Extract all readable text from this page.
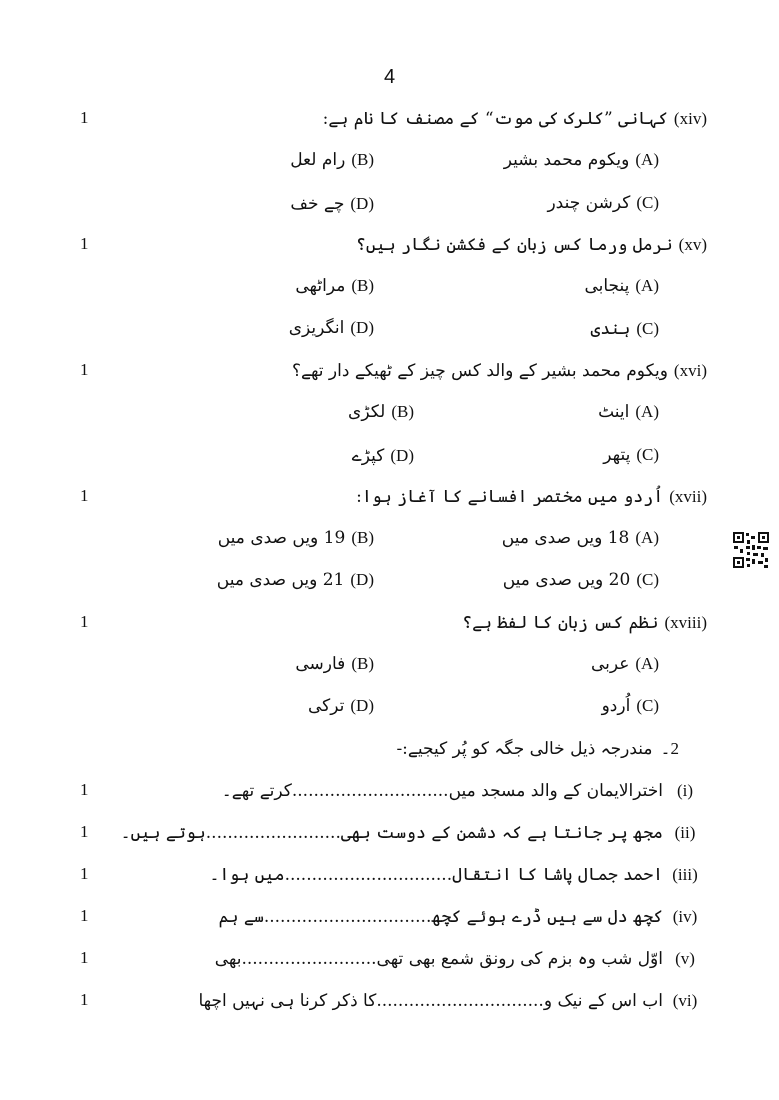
4
1	(xiv)کہانی ”کلرک کی موت“ کے مصنف کا نام ہے:
(A)ویکوم محمد بشیر
(B)رام لعل
(C)کرشن چندر
(D)چے خف
1	(xv)نرمل ورما کس زبان کے فکشن نگار ہیں؟
(A)پنجابی
(B)مراٹھی
(C)ہندی
(D)انگریزی
1	(xvi)ویکوم محمد بشیر کے والد کس چیز کے ٹھیکے دار تھے؟
(A)اینٹ
(B)لکڑی
(C)پتھر
(D)کپڑے
1	(xvii)اُردو میں مختصر افسانے کا آغاز ہوا:
(A)18 ویں صدی میں
(B)19 ویں صدی میں
(C)20 ویں صدی میں
(D)21 ویں صدی میں
1	(xviii)نظم کس زبان کا لفظ ہے؟
(A)عربی
(B)فارسی
(C)اُردو
(D)ترکی
2۔مندرجہ ذیل خالی جگہ کو پُر کیجیے:-
1	(i)اخترالایمان کے والد مسجد میں.............................کرتے تھے۔
1	(ii)مجھ پر جانتا ہے کہ دشمن کے دوست بھی.........................ہوتے ہیں۔
1	(iii)احمد جمال پاشا کا انتقال...............................میں ہوا۔
1	(iv)کچھ دل سے ہیں ڈرے ہوئے کچھ...............................سے ہم
1	(v)اوّل شب وہ بزم کی رونق شمع بھی تھی.........................بھی
1	(vi)اب اس کے نیک و...............................کا ذکر کرنا ہی نہیں اچھا
